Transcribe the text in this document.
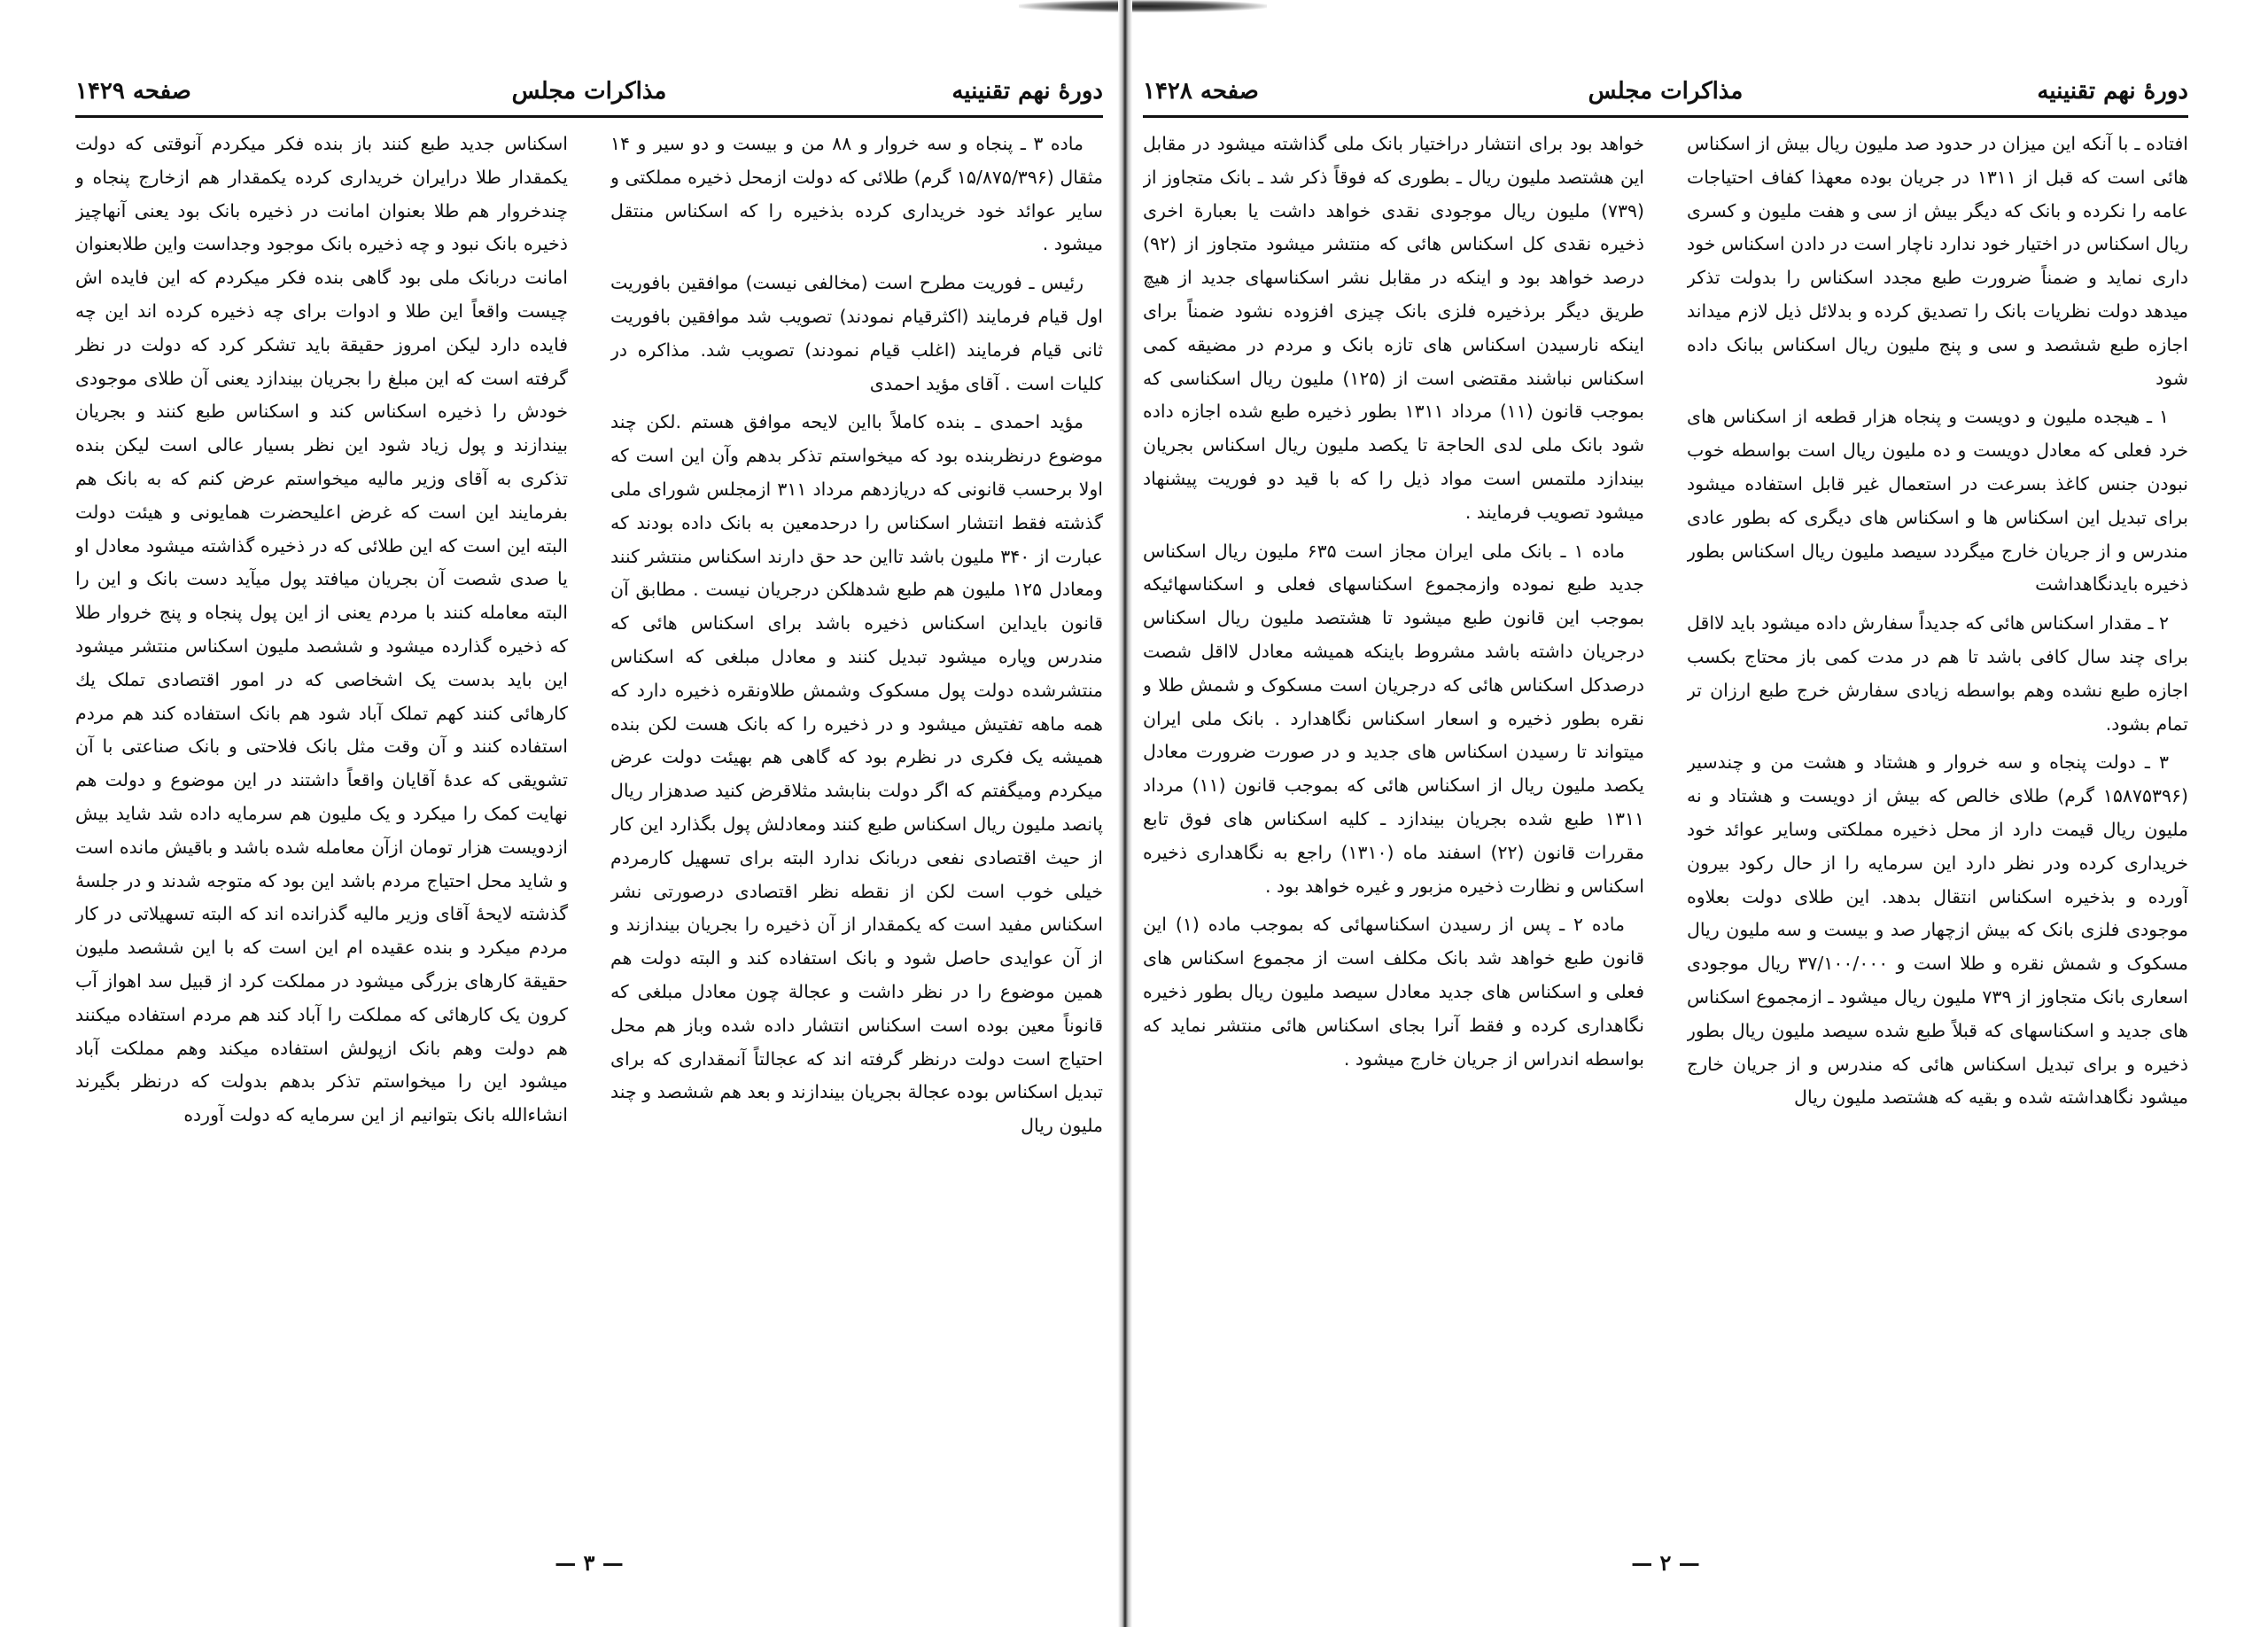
دورهٔ نهم تقنینیه
مذاکرات مجلس
صفحه ۱۴۲۹

ماده ۳ ـ پنجاه و سه خروار و ۸۸ من و بیست و دو سیر و ۱۴ مثقال (۱۵/۸۷۵/۳۹۶ گرم) طلائی که دولت ازمحل ذخیره مملکتی و سایر عوائد خود خریداری کرده بذخیره را که اسکناس منتقل میشود .

رئیس ـ فوریت مطرح است (مخالفی نیست) موافقین بافوریت اول قیام فرمایند (اکثرقیام نمودند) تصویب شد موافقین بافوریت ثانی قیام فرمایند (اغلب قیام نمودند) تصویب شد. مذاکره در کلیات است . آقای مؤید احمدی

مؤید احمدی ـ بنده کاملاً بااین لایحه موافق هستم .لکن چند موضوع درنظربنده بود که میخواستم تذکر بدهم وآن این است که اولا برحسب قانونی که دریازدهم مرداد ۳۱۱ ازمجلس شورای ملی گذشته فقط انتشار اسکناس را درحدمعین به بانک داده بودند که عبارت از ۳۴۰ ملیون باشد تااین حد حق دارند اسکناس منتشر کنند ومعادل ۱۲۵ ملیون هم طبع شدهلکن درجریان نیست . مطابق آن قانون بایداین اسکناس ذخیره باشد برای اسکناس هائی که مندرس وپاره میشود تبدیل کنند و معادل مبلغی که اسکناس منتشرشده دولت پول مسکوک وشمش طلاونقره ذخیره دارد که همه ماهه تفتیش میشود و در ذخیره را که بانک هست لکن بنده همیشه یک فکری در نظرم بود که گاهی هم بهیئت دولت عرض میکردم ومیگفتم که اگر دولت بنابشد مثلاقرض کنید صدهزار ریال پانصد ملیون ریال اسکناس طبع کنند ومعادلش پول بگذارد این کار از حیث اقتصادی نفعی دربانک ندارد البته برای تسهیل کارمردم خیلی خوب است لکن از نقطه نظر اقتصادی درصورتی نشر اسکناس مفید است که یکمقدار از آن ذخیره را بجریان بیندازند و از آن عوایدی حاصل شود و بانک استفاده کند و البته دولت هم همین موضوع را در نظر داشت و عجالة چون معادل مبلغی که قانوناً معین بوده است اسکناس انتشار داده شده وباز هم محل احتیاج است دولت درنظر گرفته اند که عجالتاً آنمقداری که برای تبدیل اسکناس بوده عجالة بجریان بیندازند و بعد هم ششصد و چند ملیون ریال

اسکناس جدید طبع کنند باز بنده فکر میکردم آنوقتی که دولت یکمقدار طلا درایران خریداری کرده یکمقدار هم ازخارج پنجاه و چندخروار هم طلا بعنوان امانت در ذخیره بانک بود یعنی آنهاچیز ذخیره بانک نبود و چه ذخیره بانک موجود وجداست واین طلابعنوان امانت دربانک ملی بود گاهی بنده فکر میکردم که این فایده اش چیست واقعاً این طلا و ادوات برای چه ذخیره کرده اند این چه فایده دارد لیکن امروز حقیقة باید تشکر کرد که دولت در نظر گرفته است که این مبلغ را بجریان بیندازد یعنی آن طلای موجودی خودش را ذخیره اسکناس کند و اسکناس طبع کنند و بجریان بیندازند و پول زیاد شود این نظر بسیار عالی است لیکن بنده تذکری به آقای وزیر مالیه میخواستم عرض کنم که به بانک هم بفرمایند این است که غرض اعلیحضرت همایونی و هیئت دولت البته این است که این طلائی که در ذخیره گذاشته میشود معادل او یا صدی شصت آن بجریان میافتد پول میآید دست بانک و این را البته معامله کنند با مردم یعنی از این پول پنجاه و پنج خروار طلا که ذخیره گذارده میشود و ششصد ملیون اسکناس منتشر میشود این باید بدست یک اشخاصی که در امور اقتصادی تملک یك کارهائی کنند کهم تملک آباد شود هم بانک استفاده کند هم مردم استفاده کنند و آن وقت مثل بانک فلاحتی و بانک صناعتی با آن تشویقی که عدهٔ آقایان واقعاً داشتند در این موضوع و دولت هم نهایت کمک را میکرد و یک ملیون هم سرمایه داده شد شاید بیش ازدویست هزار تومان ازآن معامله شده باشد و باقیش مانده است و شاید محل احتیاج مردم باشد این بود که متوجه شدند و در جلسهٔ گذشته لایحهٔ آقای وزیر مالیه گذرانده اند که البته تسهیلاتی در کار مردم میکرد و بنده عقیده ام این است که با این ششصد ملیون حقیقة کارهای بزرگی میشود در مملکت کرد از قبیل سد اهواز آب کرون یک کارهائی که مملکت را آباد کند هم مردم استفاده میکنند هم دولت وهم بانک ازپولش استفاده میکند وهم مملکت آباد میشود این را میخواستم تذکر بدهم بدولت که درنظر بگیرند انشاءالله بانک بتوانیم از این سرمایه که دولت آورده

— ۳ —
دورهٔ نهم تقنینیه
مذاکرات مجلس
صفحه ۱۴۲۸

افتاده ـ با آنکه این میزان در حدود صد ملیون ریال بیش از اسکناس هائی است که قبل از ۱۳۱۱ در جریان بوده معهذا کفاف احتیاجات عامه را نکرده و بانک که دیگر بیش از سی و هفت ملیون و کسری ریال اسکناس در اختیار خود ندارد ناچار است در دادن اسکناس خود داری نماید و ضمناً ضرورت طبع مجدد اسکناس را بدولت تذکر میدهد دولت نظریات بانک را تصدیق کرده و بدلائل ذیل لازم میداند اجازه طبع ششصد و سی و پنج ملیون ریال اسکناس ببانک داده شود

۱ ـ هیجده ملیون و دویست و پنجاه هزار قطعه از اسکناس های خرد فعلی که معادل دویست و ده ملیون ریال است بواسطه خوب نبودن جنس کاغذ بسرعت در استعمال غیر قابل استفاده میشود برای تبدیل این اسکناس ها و اسکناس های دیگری که بطور عادی مندرس و از جریان خارج میگردد سیصد ملیون ریال اسکناس بطور ذخیره بایدنگاهداشت

۲ ـ مقدار اسکناس هائی که جدیداً سفارش داده میشود باید لااقل برای چند سال کافی باشد تا هم در مدت کمی باز محتاج بکسب اجازه طبع نشده وهم بواسطه زیادی سفارش خرج طبع ارزان تر تمام بشود.

۳ ـ دولت پنجاه و سه خروار و هشتاد و هشت من و چندسیر (۱۵۸۷۵۳۹۶ گرم) طلای خالص که بیش از دویست و هشتاد و نه ملیون ریال قیمت دارد از محل ذخیره مملکتی وسایر عوائد خود خریداری کرده ودر نظر دارد این سرمایه را از حال رکود بیرون آورده و بذخیره اسکناس انتقال بدهد. این طلای دولت بعلاوه موجودی فلزی بانک که بیش ازچهار صد و بیست و سه ملیون ریال مسکوک و شمش نقره و طلا است و ۳۷/۱۰۰/۰۰۰ ریال موجودی اسعاری بانک متجاوز از ۷۳۹ ملیون ریال میشود ـ ازمجموع اسکناس های جدید و اسکناسهای که قبلاً طبع شده سیصد ملیون ریال بطور ذخیره و برای تبدیل اسکناس هائی که مندرس و از جریان خارج میشود نگاهداشته شده و بقیه که هشتصد ملیون ریال

خواهد بود برای انتشار دراختیار بانک ملی گذاشته میشود در مقابل این هشتصد ملیون ریال ـ بطوری که فوقاً ذکر شد ـ بانک متجاوز از (۷۳۹) ملیون ریال موجودی نقدی خواهد داشت یا بعبارة اخری ذخیره نقدی کل اسکناس هائی که منتشر میشود متجاوز از (۹۲) درصد خواهد بود و اینکه در مقابل نشر اسکناسهای جدید از هیچ طریق دیگر برذخیره فلزی بانک چیزی افزوده نشود ضمناً برای اینکه نارسیدن اسکناس های تازه بانک و مردم در مضیقه کمی اسکناس نباشند مقتضی است از (۱۲۵) ملیون ریال اسکناسی که بموجب قانون (۱۱) مرداد ۱۳۱۱ بطور ذخیره طبع شده اجازه داده شود بانک ملی لدی الحاجة تا یکصد ملیون ریال اسکناس بجریان بیندازد ملتمس است مواد ذیل را که با قید دو فوریت پیشنهاد میشود تصویب فرمایند .

ماده ۱ ـ بانک ملی ایران مجاز است ۶۳۵ ملیون ریال اسکناس جدید طبع نموده وازمجموع اسکناسهای فعلی و اسکناسهائیکه بموجب این قانون طبع میشود تا هشتصد ملیون ریال اسکناس درجریان داشته باشد مشروط باینکه همیشه معادل لااقل شصت درصدکل اسکناس هائی که درجریان است مسکوک و شمش طلا و نقره بطور ذخیره و اسعار اسکناس نگاهدارد . بانک ملی ایران میتواند تا رسیدن اسکناس های جدید و در صورت ضرورت معادل یکصد ملیون ریال از اسکناس هائی که بموجب قانون (۱۱) مرداد ۱۳۱۱ طبع شده بجریان بیندازد ـ کلیه اسکناس های فوق تابع مقررات قانون (۲۲) اسفند ماه (۱۳۱۰) راجع به نگاهداری ذخیره اسکناس و نظارت ذخیره مزبور و غیره خواهد بود .

ماده ۲ ـ پس از رسیدن اسکناسهائی که بموجب ماده (۱) این قانون طبع خواهد شد بانک مکلف است از مجموع اسکناس های فعلی و اسکناس های جدید معادل سیصد ملیون ریال بطور ذخیره نگاهداری کرده و فقط آنرا بجای اسکناس هائی منتشر نماید که بواسطه اندراس از جریان خارج میشود .

— ۲ —
